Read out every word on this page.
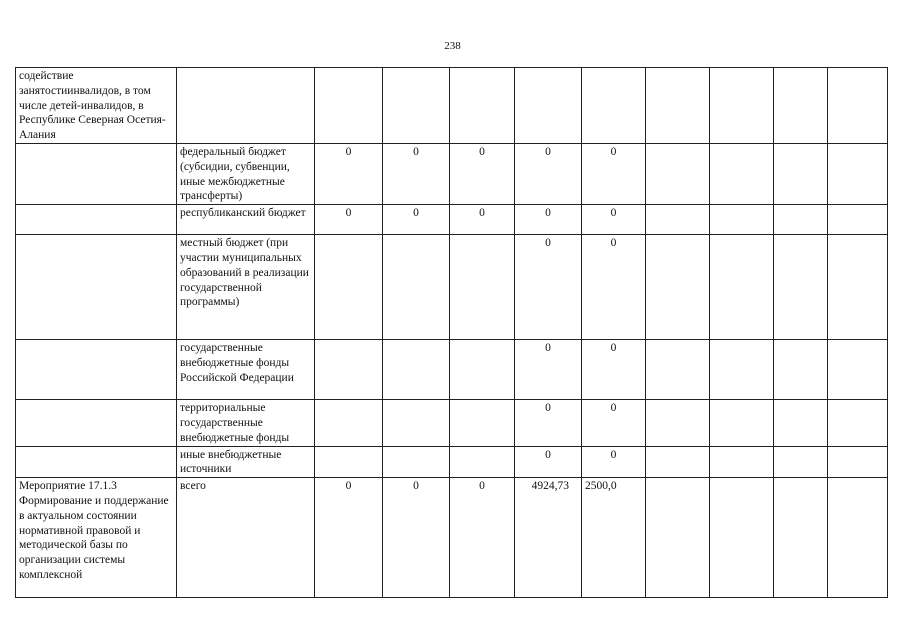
238
содействие занятостиинвалидов, в том числе детей-инвалидов, в Республике Северная Осетия-Алания										
	федеральный бюджет (субсидии, субвенции, иные межбюджетные трансферты)	0	0	0	0	0				
	республиканский бюджет	0	0	0	0	0				
	местный бюджет (при участии муниципальных образований в реализации государственной программы)				0	0				
	государственные внебюджетные фонды Российской Федерации				0	0				
	территориальные государственные внебюджетные фонды				0	0				
	иные внебюджетные источники				0	0				
Мероприятие 17.1.3 Формирование и поддержание в актуальном состоянии нормативной правовой и методической базы по организации системы комплексной	всего	0	0	0	4924,73	2500,0				
